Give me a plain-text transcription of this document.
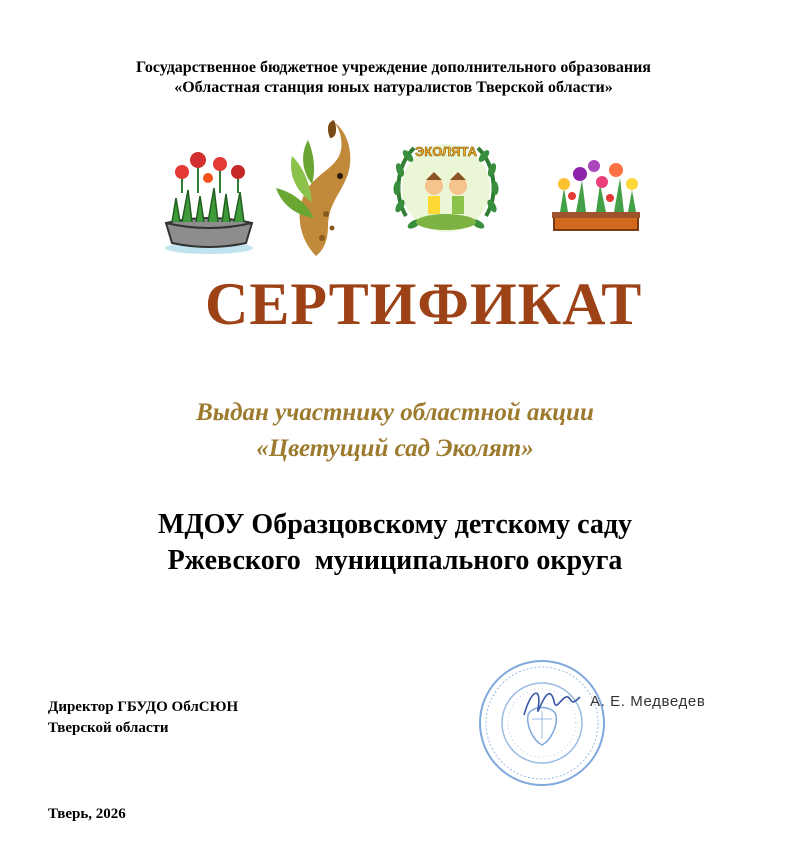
Государственное бюджетное учреждение дополнительного образования
«Областная станция юных натуралистов Тверской области»
ЭКОЛЯТА
СЕРТИФИКАТ
Выдан участнику областной акции
«Цветущий сад Эколят»
МДОУ Образцовскому детскому саду
Ржевского  муниципального округа
Директор ГБУДО ОблСЮН
Тверской области
А. Е. Медведев
Тверь, 2026
